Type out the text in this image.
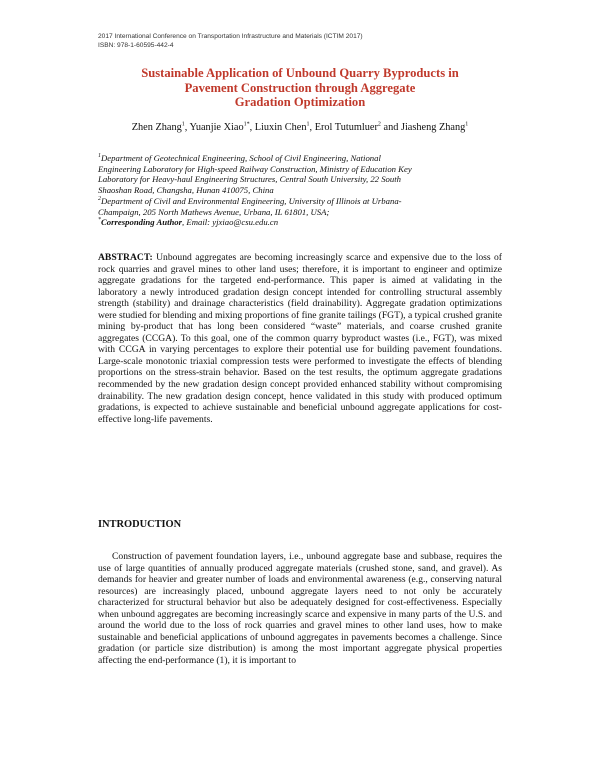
2017 International Conference on Transportation Infrastructure and Materials (ICTIM 2017)
ISBN: 978-1-60595-442-4
Sustainable Application of Unbound Quarry Byproducts in
Pavement Construction through Aggregate
Gradation Optimization
Zhen Zhang$^1$, Yuanjie Xiao$^{1*}$, Liuxin Chen$^1$, Erol Tutumluer$^2$ and Jiasheng Zhang$^1$
$^1$Department of Geotechnical Engineering, School of Civil Engineering, National
Engineering Laboratory for High-speed Railway Construction, Ministry of Education Key
Laboratory for Heavy-haul Engineering Structures, Central South University, 22 South
Shaoshan Road, Changsha, Hunan 410075, China
$^2$Department of Civil and Environmental Engineering, University of Illinois at Urbana-
Champaign, 205 North Mathews Avenue, Urbana, IL 61801, USA;
*Corresponding Author, Email: yjxiao@csu.edu.cn

ABSTRACT: Unbound aggregates are becoming increasingly scarce and expensive due to the loss of rock quarries and gravel mines to other land uses; therefore, it is important to engineer and optimize aggregate gradations for the targeted end-performance. This paper is aimed at validating in the laboratory a newly introduced gradation design concept intended for controlling structural assembly strength (stability) and drainage characteristics (field drainability). Aggregate gradation optimizations were studied for blending and mixing proportions of fine granite tailings (FGT), a typical crushed granite mining by-product that has long been considered “waste” materials, and coarse crushed granite aggregates (CCGA). To this goal, one of the common quarry byproduct wastes (i.e., FGT), was mixed with CCGA in varying percentages to explore their potential use for building pavement foundations. Large-scale monotonic triaxial compression tests were performed to investigate the effects of blending proportions on the stress-strain behavior. Based on the test results, the optimum aggregate gradations recommended by the new gradation design concept provided enhanced stability without compromising drainability. The new gradation design concept, hence validated in this study with produced optimum gradations, is expected to achieve sustainable and beneficial unbound aggregate applications for cost-effective long-life pavements.

INTRODUCTION

Construction of pavement foundation layers, i.e., unbound aggregate base and subbase, requires the use of large quantities of annually produced aggregate materials (crushed stone, sand, and gravel). As demands for heavier and greater number of loads and environmental awareness (e.g., conserving natural resources) are increasingly placed, unbound aggregate layers need to not only be accurately characterized for structural behavior but also be adequately designed for cost-effectiveness. Especially when unbound aggregates are becoming increasingly scarce and expensive in many parts of the U.S. and around the world due to the loss of rock quarries and gravel mines to other land uses, how to make sustainable and beneficial applications of unbound aggregates in pavements becomes a challenge. Since gradation (or particle size distribution) is among the most important aggregate physical properties affecting the end-performance (1), it is important to
